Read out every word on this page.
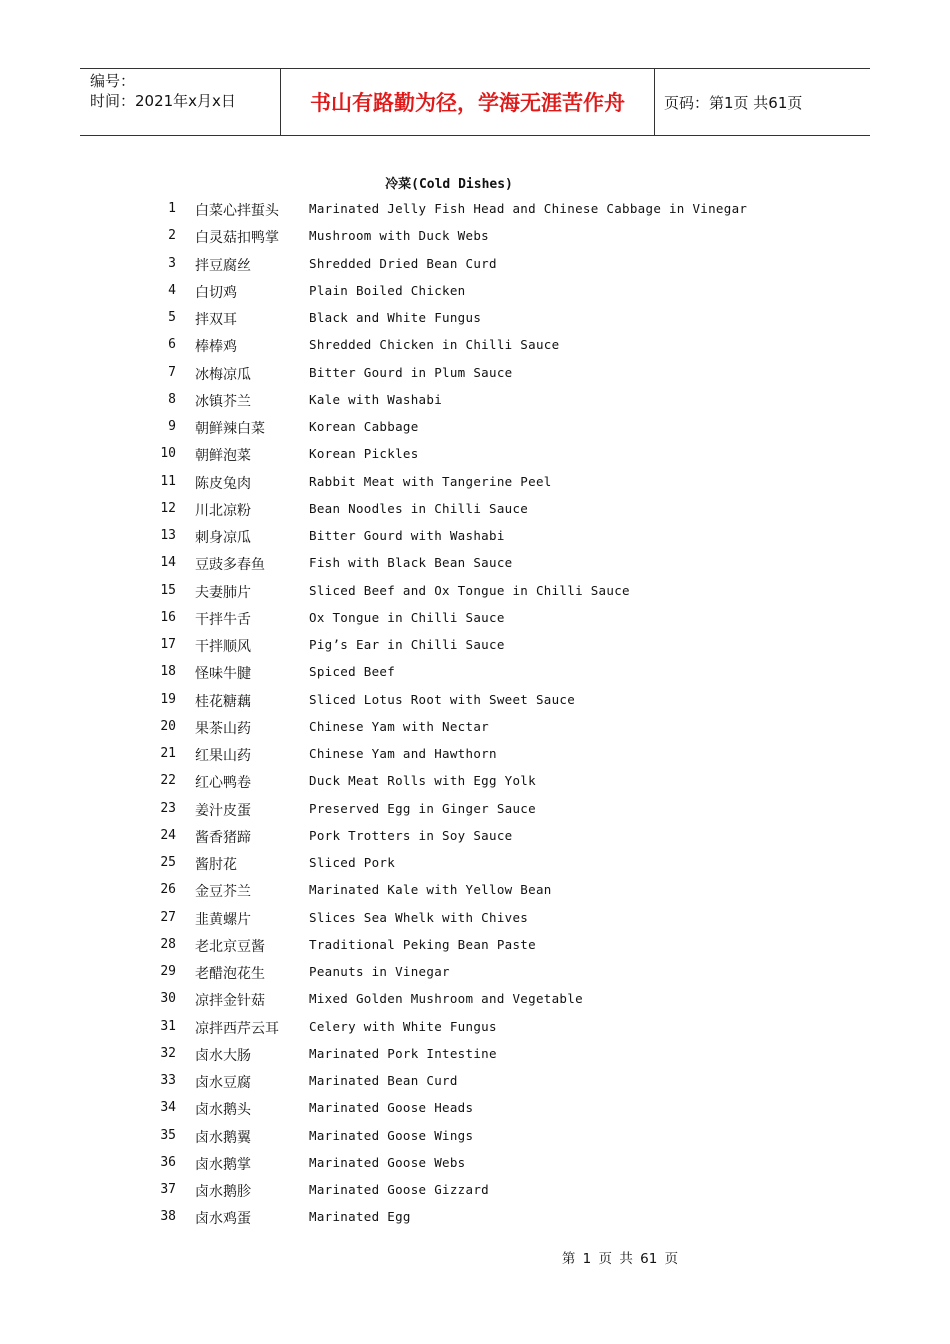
编号：
时间：2021年x月x日	书山有路勤为径，学海无涯苦作舟	页码：第1页 共61页
冷菜(Cold Dishes)
1 白菜心拌蜇头 Marinated Jelly Fish Head and Chinese Cabbage in Vinegar
2 白灵菇扣鸭掌 Mushroom with Duck Webs
3 拌豆腐丝	Shredded Dried Bean Curd
4 白切鸡	Plain Boiled Chicken
5 拌双耳	Black and White Fungus
6 棒棒鸡	Shredded Chicken in Chilli Sauce
7 冰梅凉瓜	Bitter Gourd in Plum Sauce
8 冰镇芥兰	Kale with Washabi
9 朝鲜辣白菜	Korean Cabbage
10 朝鲜泡菜	Korean Pickles
11 陈皮兔肉	Rabbit Meat with Tangerine Peel
12 川北凉粉	Bean Noodles in Chilli Sauce
13 刺身凉瓜	Bitter Gourd with Washabi
14 豆豉多春鱼	Fish with Black Bean Sauce
15 夫妻肺片	Sliced Beef and Ox Tongue in Chilli Sauce
16 干拌牛舌	Ox Tongue in Chilli Sauce
17 干拌顺风	Pig’s Ear in Chilli Sauce
18 怪味牛腱	Spiced Beef
19 桂花糖藕	Sliced Lotus Root with Sweet Sauce
20 果茶山药	Chinese Yam with Nectar
21 红果山药	Chinese Yam and Hawthorn
22 红心鸭卷	Duck Meat Rolls with Egg Yolk
23 姜汁皮蛋	Preserved Egg in Ginger Sauce
24 酱香猪蹄	Pork Trotters in Soy Sauce
25 酱肘花	Sliced Pork
26 金豆芥兰	Marinated Kale with Yellow Bean
27 韭黄螺片	Slices Sea Whelk with Chives
28 老北京豆酱	Traditional Peking Bean Paste
29 老醋泡花生	Peanuts in Vinegar
30 凉拌金针菇	Mixed Golden Mushroom and Vegetable
31 凉拌西芹云耳 Celery with White Fungus
32 卤水大肠	Marinated Pork Intestine
33 卤水豆腐	Marinated Bean Curd
34 卤水鹅头	Marinated Goose Heads
35 卤水鹅翼	Marinated Goose Wings
36 卤水鹅掌	Marinated Goose Webs
37 卤水鹅胗	Marinated Goose Gizzard
38 卤水鸡蛋	Marinated Egg
第 1 页 共 61 页
